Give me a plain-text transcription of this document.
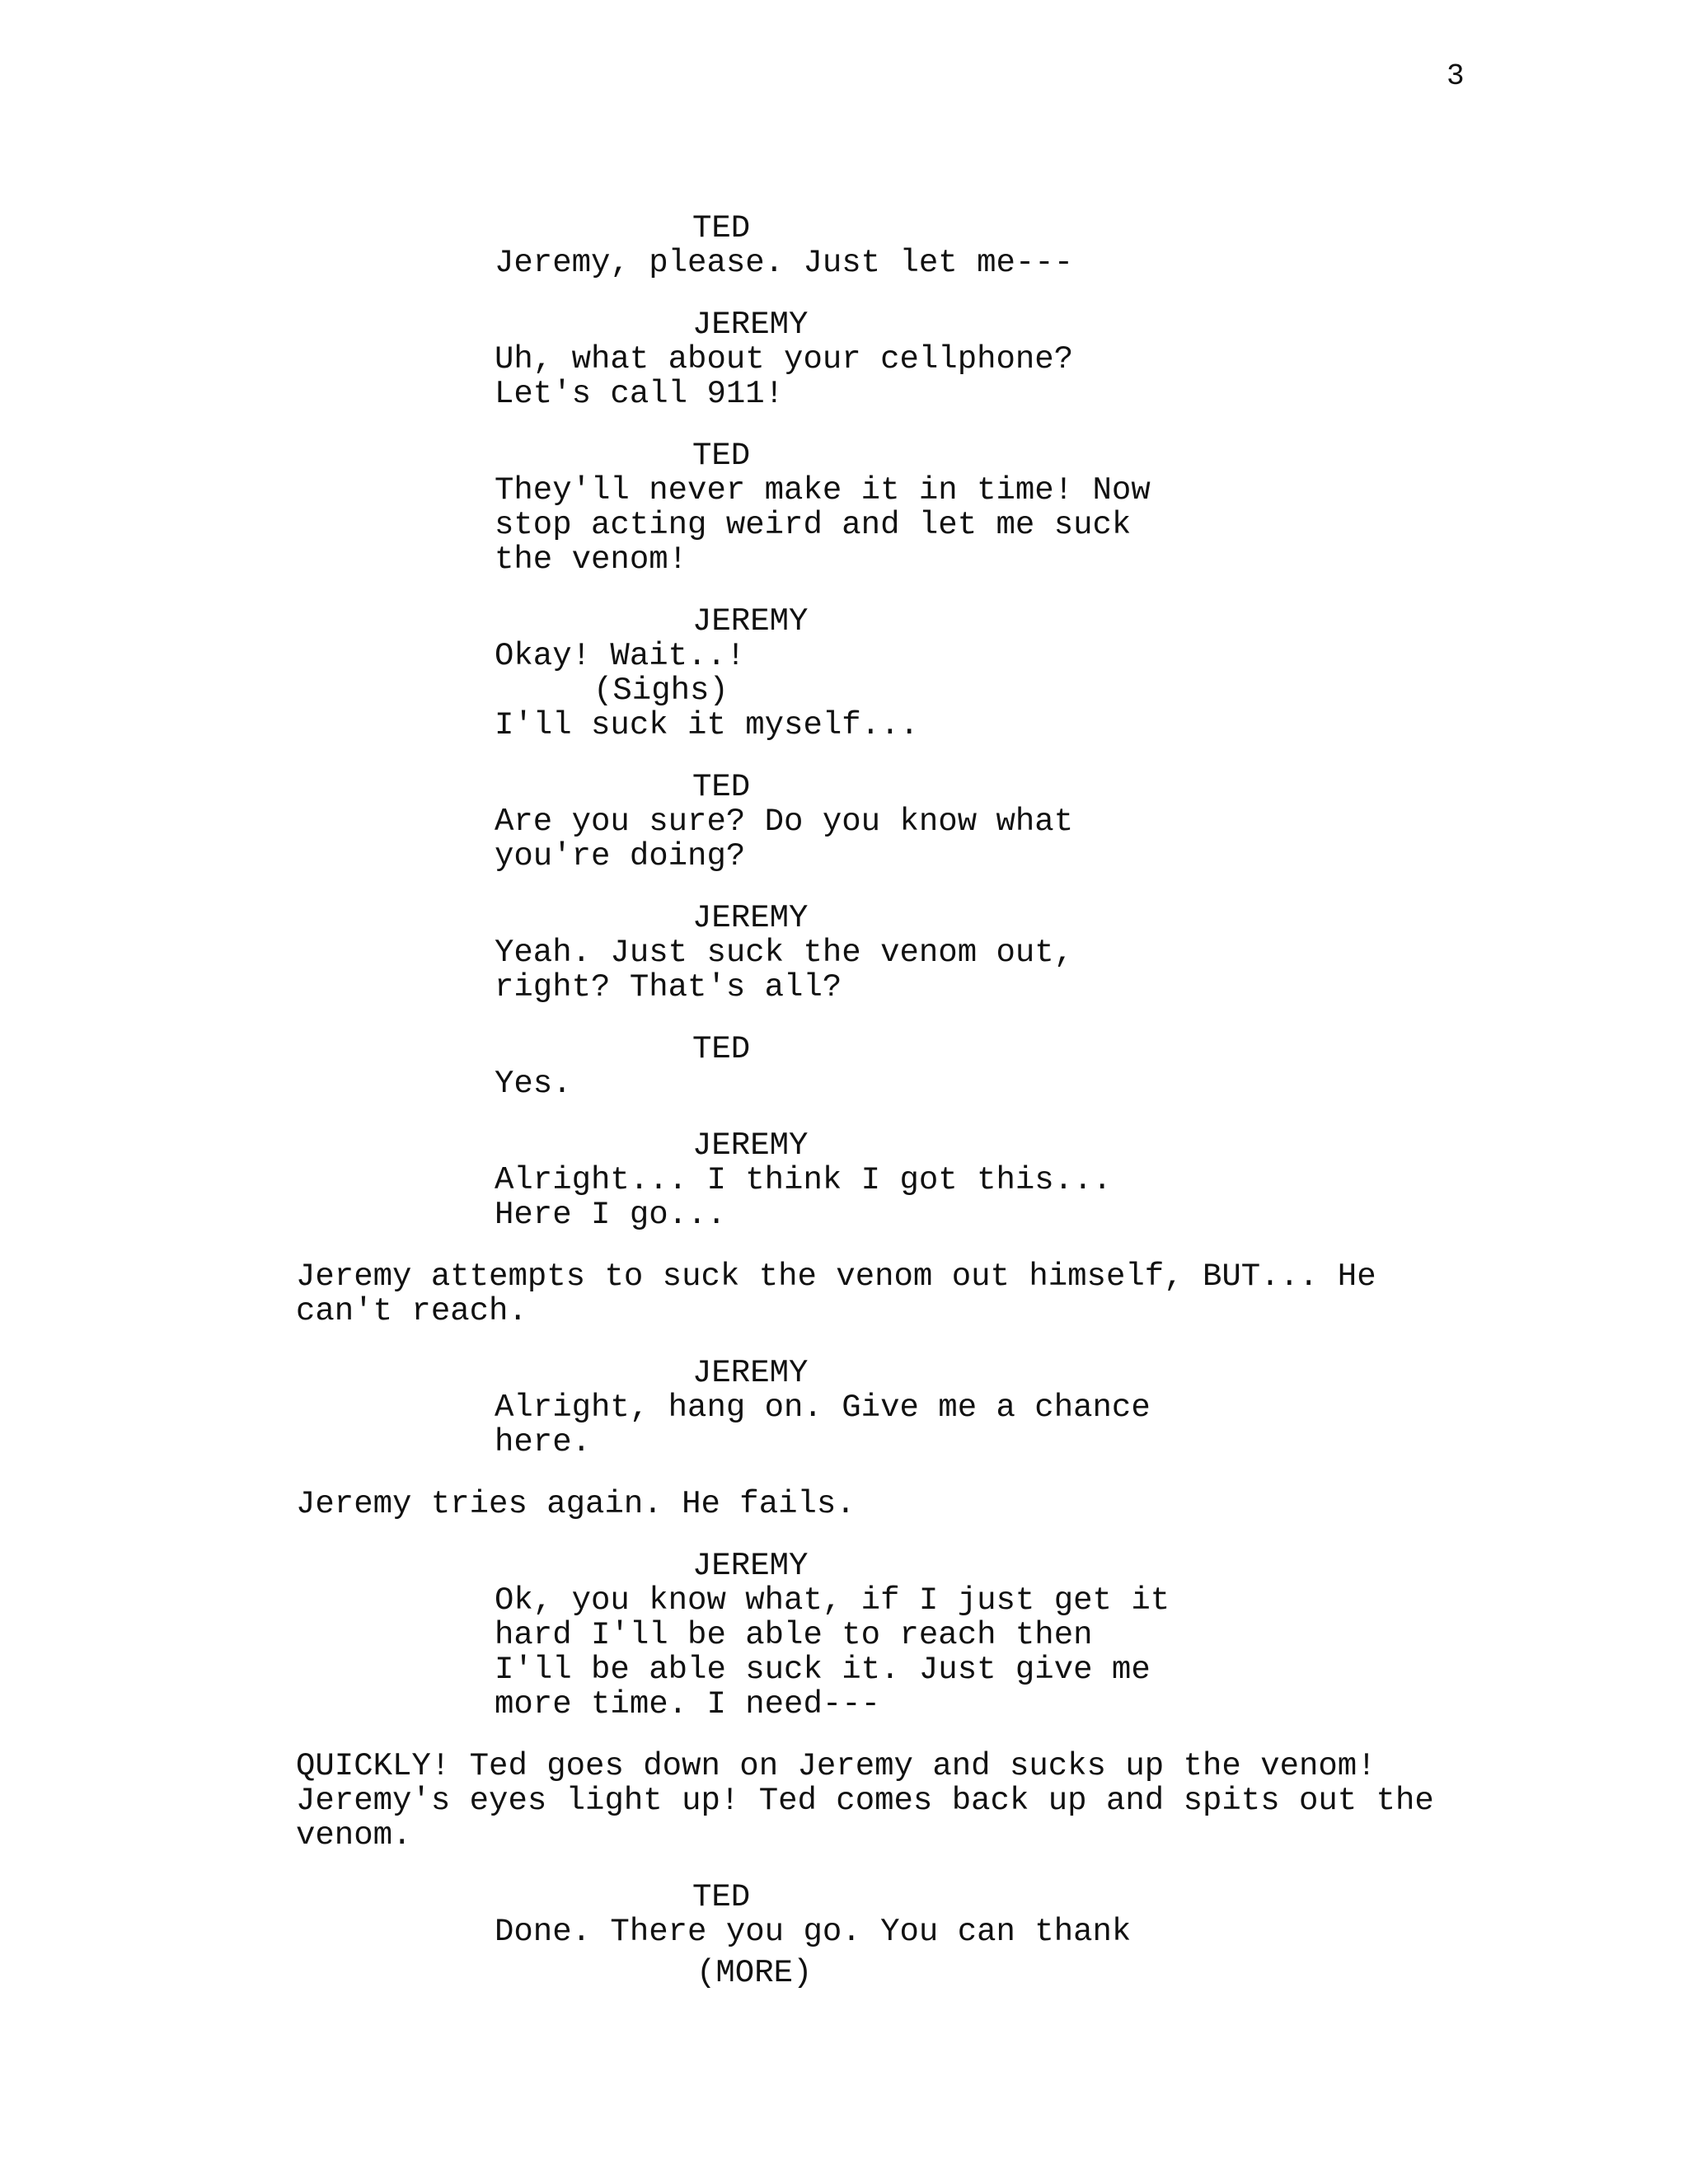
3
TED
Jeremy, please. Just let me---
JEREMY
Uh, what about your cellphone?
Let's call 911!
TED
They'll never make it in time! Now
stop acting weird and let me suck
the venom!
JEREMY
Okay! Wait..!
(Sighs)
I'll suck it myself...
TED
Are you sure? Do you know what
you're doing?
JEREMY
Yeah. Just suck the venom out,
right? That's all?
TED
Yes.
JEREMY
Alright... I think I got this...
Here I go...
Jeremy attempts to suck the venom out himself, BUT... He
can't reach.
JEREMY
Alright, hang on. Give me a chance
here.
Jeremy tries again. He fails.
JEREMY
Ok, you know what, if I just get it
hard I'll be able to reach then
I'll be able suck it. Just give me
more time. I need---
QUICKLY! Ted goes down on Jeremy and sucks up the venom!
Jeremy's eyes light up! Ted comes back up and spits out the
venom.
TED
Done. There you go. You can thank
(MORE)
